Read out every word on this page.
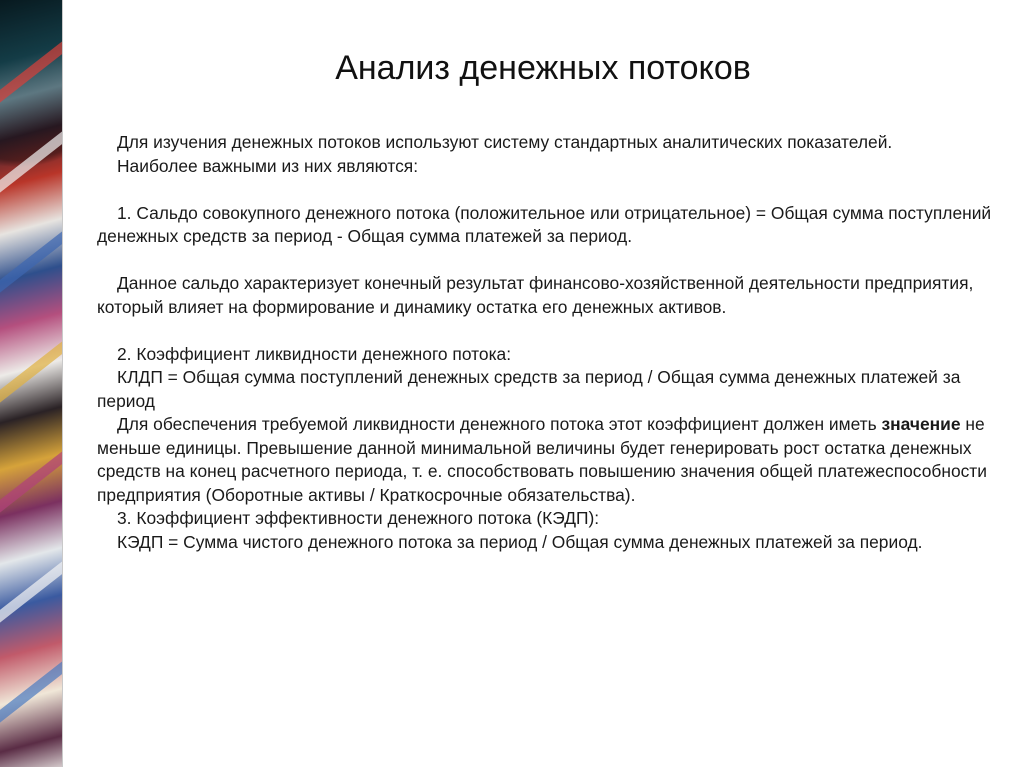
Анализ денежных потоков

Для изучения денежных потоков используют систему стандартных аналитических показателей.

Наиболее важными из них являются:

1. Сальдо совокупного денежного потока (положительное или отрицательное) = Общая сумма поступлений денежных средств за период - Общая сумма платежей за период.

Данное сальдо характеризует конечный результат финансово-хозяйственной деятельности предприятия, который влияет на формирование и динамику остатка его денежных активов.

2. Коэффициент ликвидности денежного потока:

КЛДП = Общая сумма поступлений денежных средств за период / Общая сумма денежных платежей за период

Для обеспечения требуемой ликвидности денежного потока этот коэффициент должен иметь значение не меньше единицы. Превышение данной минимальной величины будет генерировать рост остатка денежных средств на конец расчетного периода, т. е. способствовать повышению значения общей платежеспособности предприятия (Оборотные активы / Краткосрочные обязательства).

3. Коэффициент эффективности денежного потока (КЭДП):

КЭДП = Сумма чистого денежного потока за период / Общая сумма денежных платежей за период.
